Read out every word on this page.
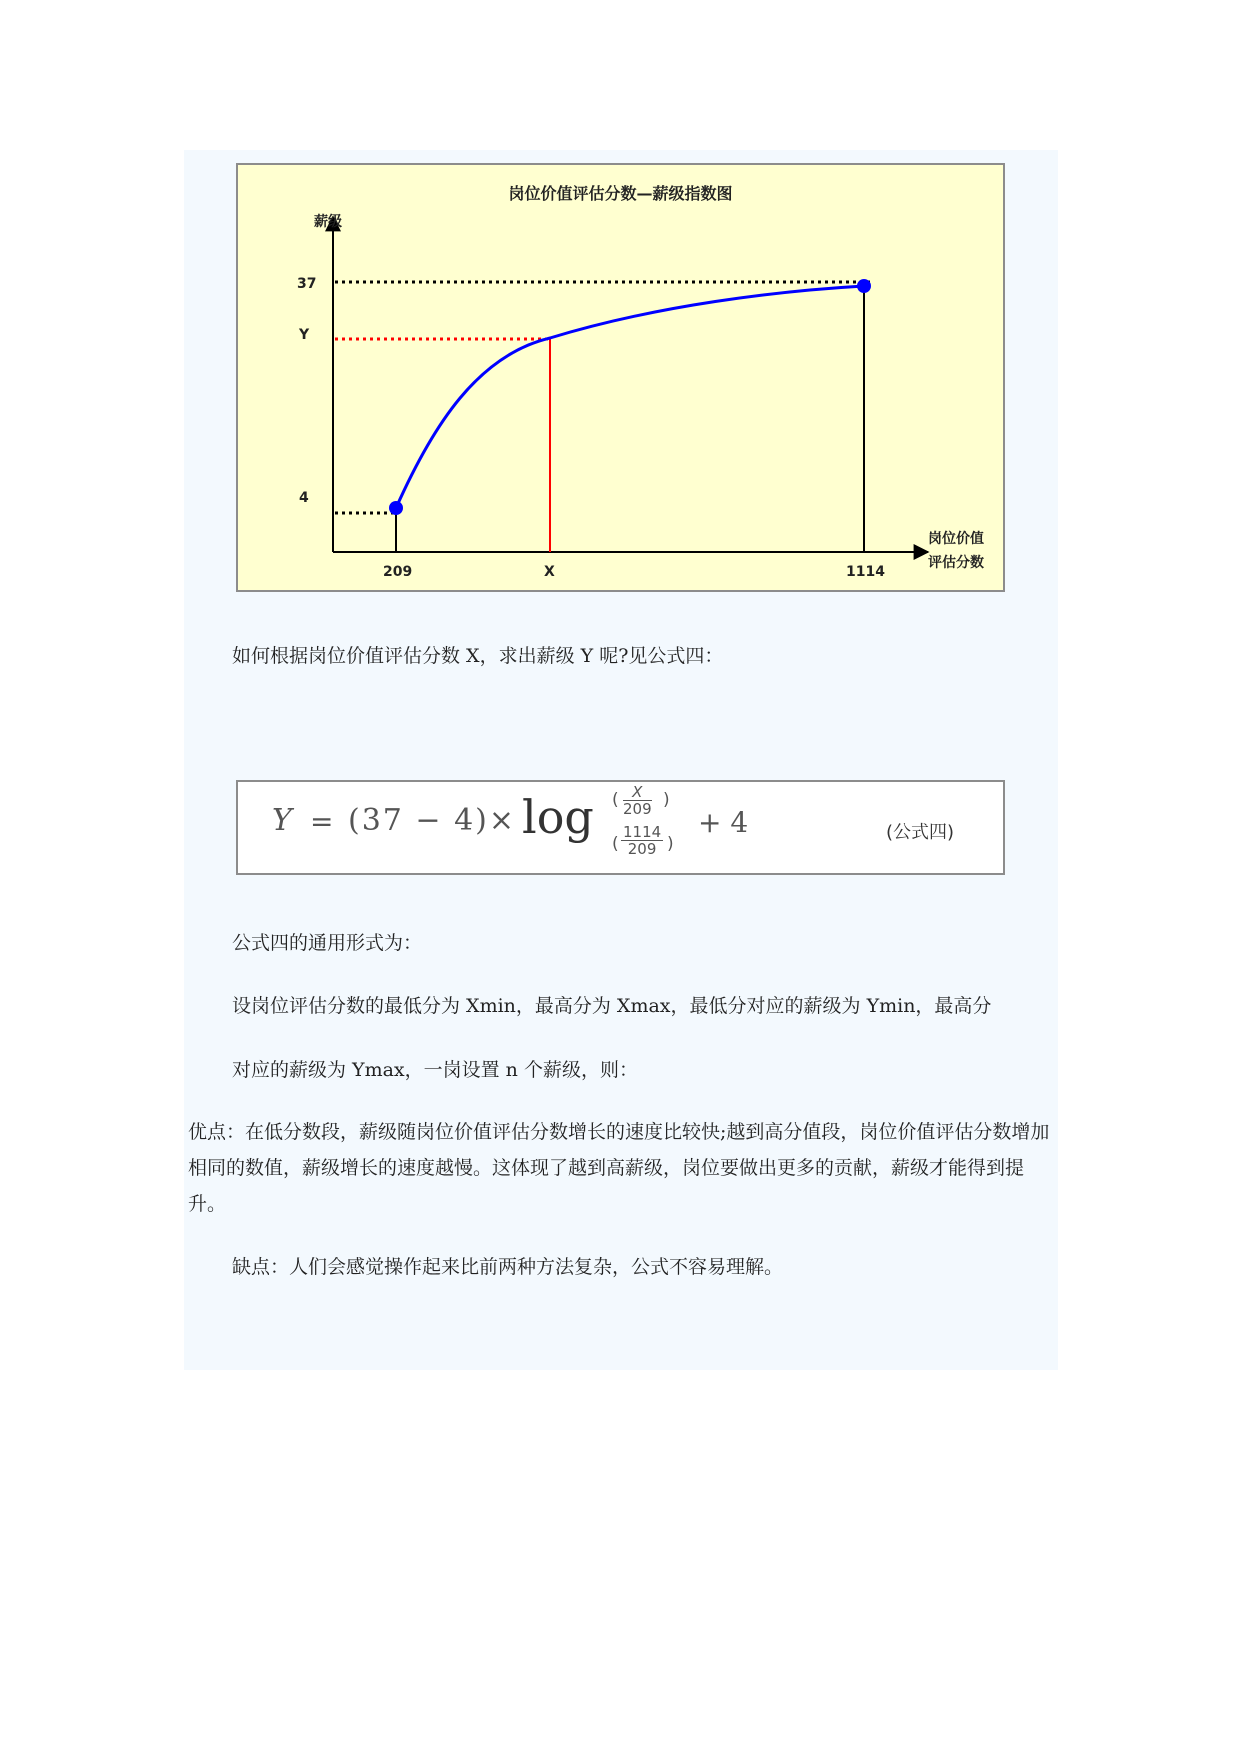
岗位价值评估分数—薪级指数图
薪级
37
Y
4
209	X	1114
岗位价值
评估分数
如何根据岗位价值评估分数 X，求出薪级 Y 呢?见公式四：
Y = (37 − 4)× log ( $\frac{X}{209}$ )
( $\frac{1114}{209}$ )
+ 4	(公式四)
公式四的通用形式为：
设岗位评估分数的最低分为 Xmin，最高分为 Xmax，最低分对应的薪级为 Ymin，最高分
对应的薪级为 Ymax，一岗设置 n 个薪级，则：
优点：在低分数段，薪级随岗位价值评估分数增长的速度比较快;越到高分值段，岗位价值评估分数增加相同的数值，薪级增长的速度越慢。这体现了越到高薪级，岗位要做出更多的贡献，薪级才能得到提升。
缺点：人们会感觉操作起来比前两种方法复杂，公式不容易理解。
